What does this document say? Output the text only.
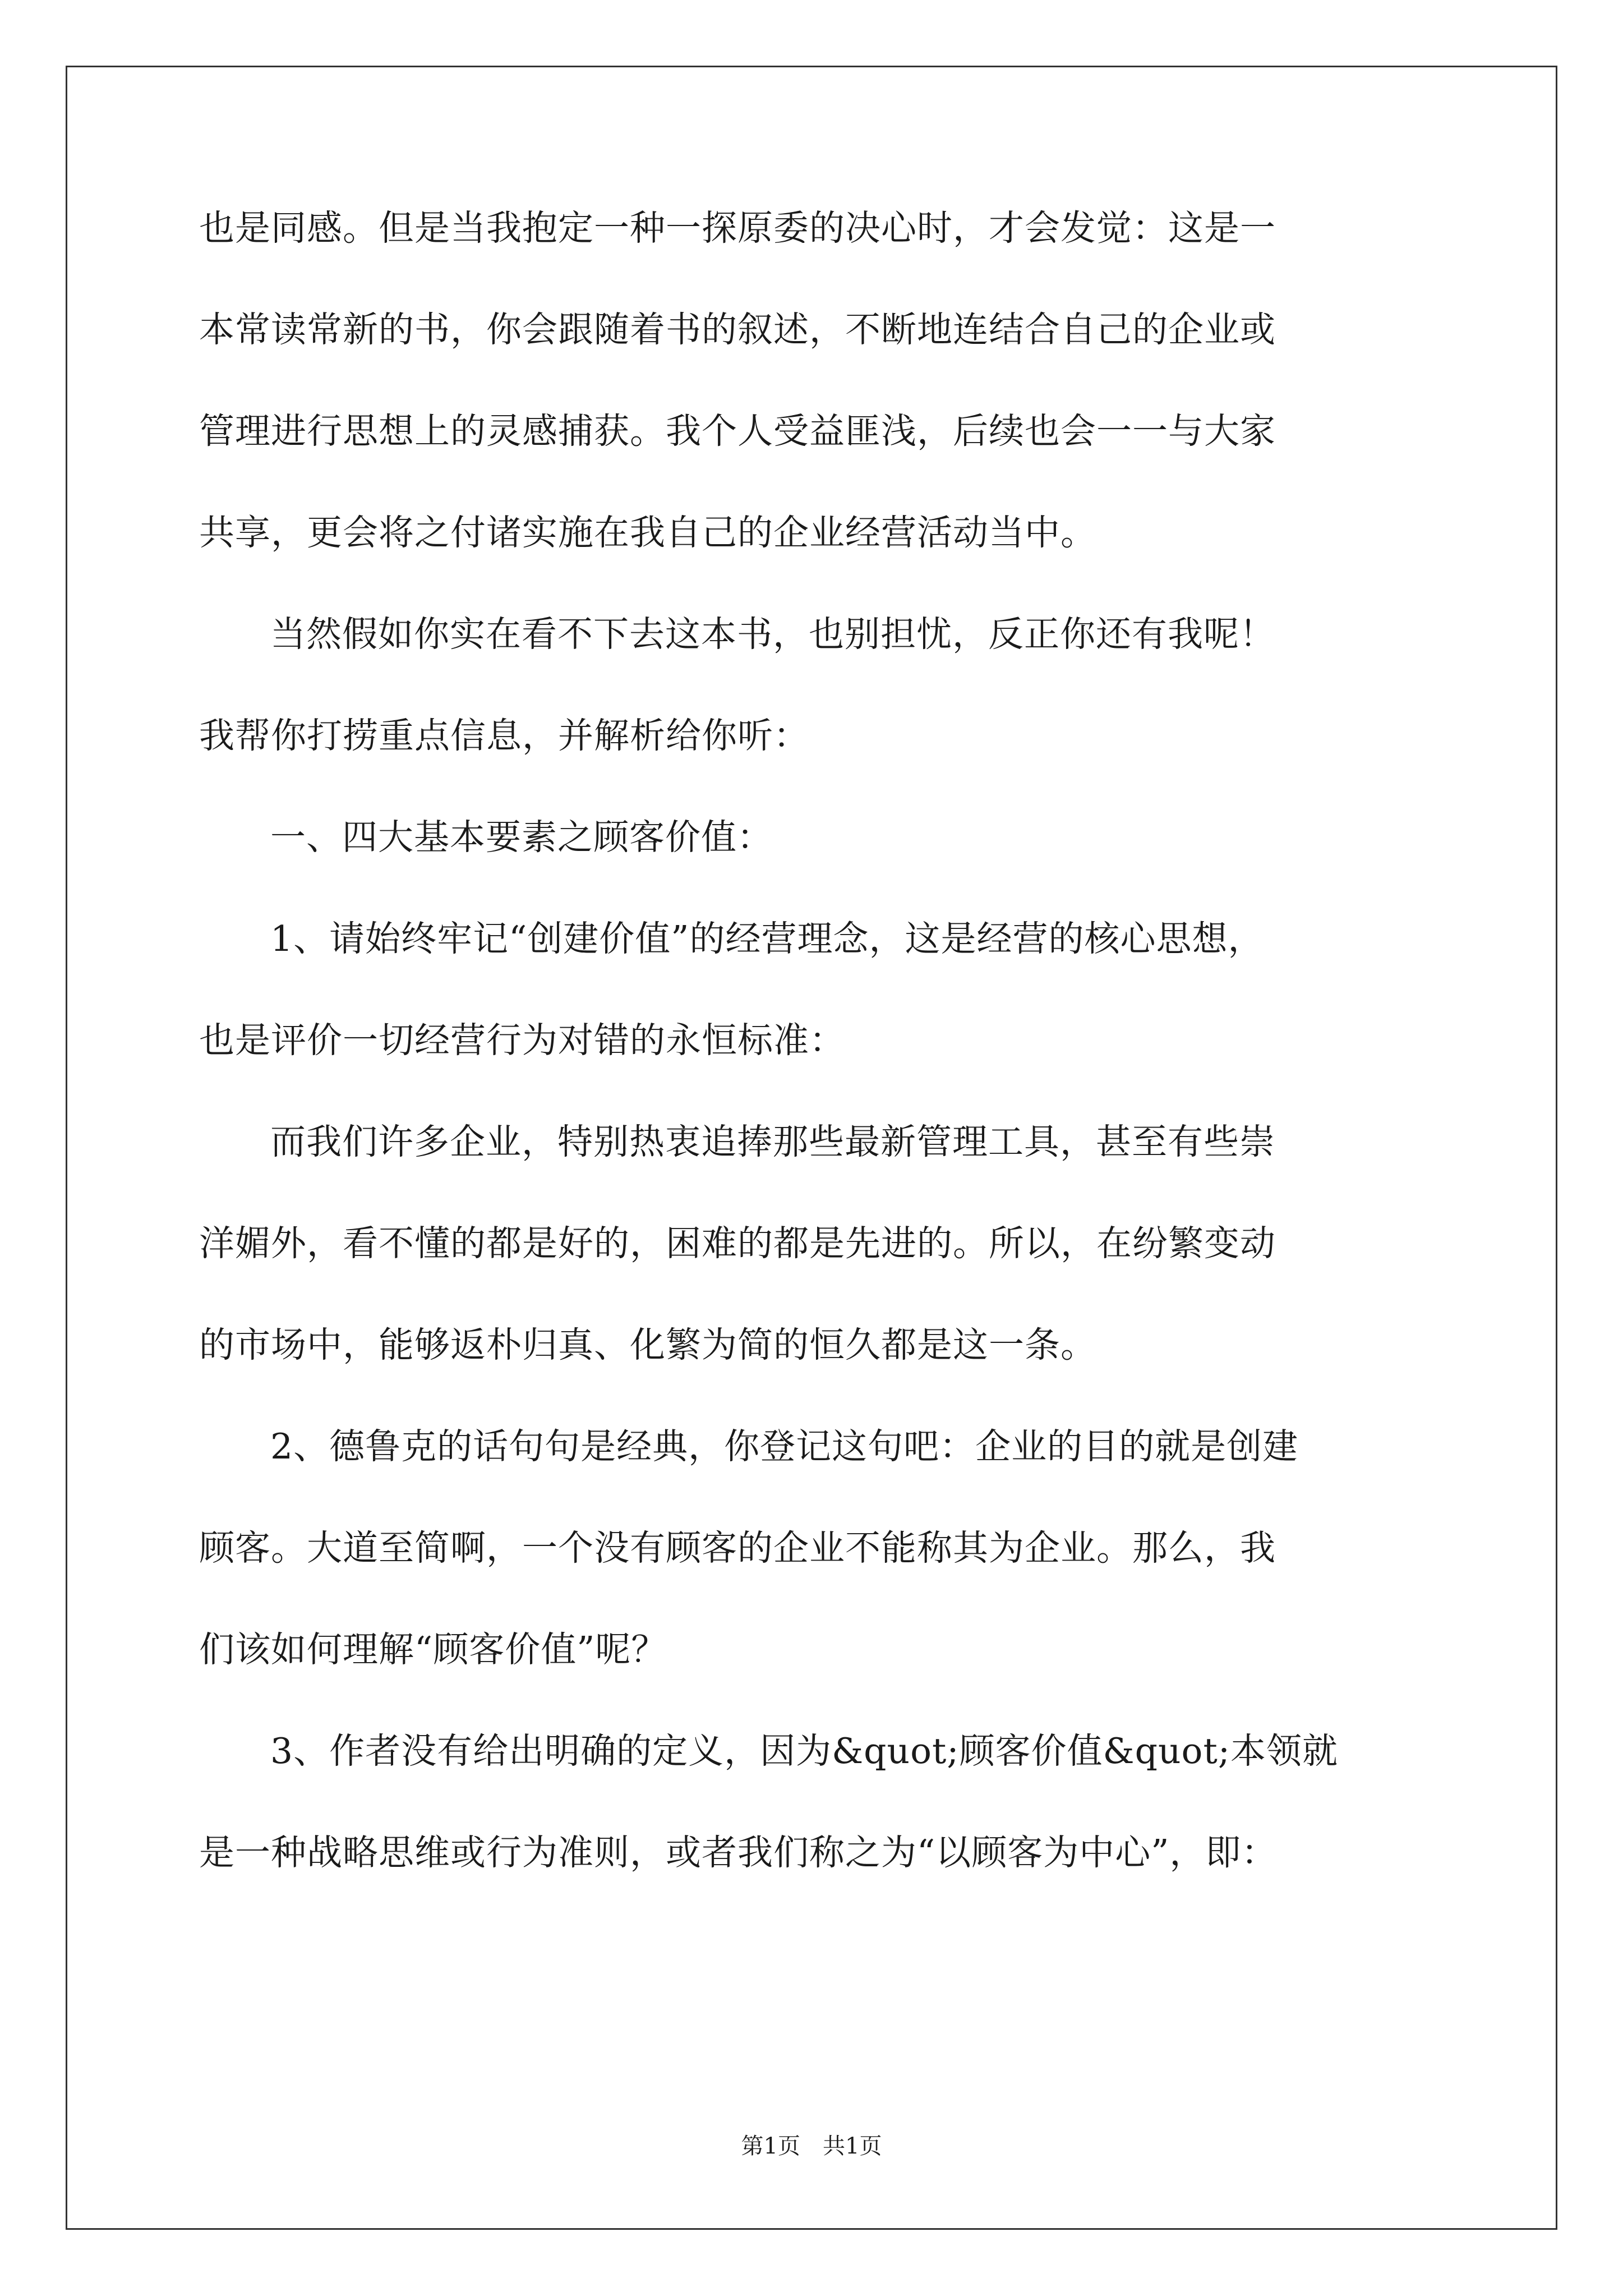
也是同感。但是当我抱定一种一探原委的决心时，才会发觉：这是一
本常读常新的书，你会跟随着书的叙述，不断地连结合自己的企业或
管理进行思想上的灵感捕获。我个人受益匪浅，后续也会一一与大家
共享，更会将之付诸实施在我自己的企业经营活动当中。
当然假如你实在看不下去这本书，也别担忧，反正你还有我呢！
我帮你打捞重点信息，并解析给你听：
一、四大基本要素之顾客价值：
1、请始终牢记“创建价值”的经营理念，这是经营的核心思想，
也是评价一切经营行为对错的永恒标准：
而我们许多企业，特别热衷追捧那些最新管理工具，甚至有些崇
洋媚外，看不懂的都是好的，困难的都是先进的。所以，在纷繁变动
的市场中，能够返朴归真、化繁为简的恒久都是这一条。
2、德鲁克的话句句是经典，你登记这句吧：企业的目的就是创建
顾客。大道至简啊，一个没有顾客的企业不能称其为企业。那么，我
们该如何理解“顾客价值”呢？
3、作者没有给出明确的定义，因为&quot;顾客价值&quot;本领就
是一种战略思维或行为准则，或者我们称之为“以顾客为中心”，即：
第1页　共1页
